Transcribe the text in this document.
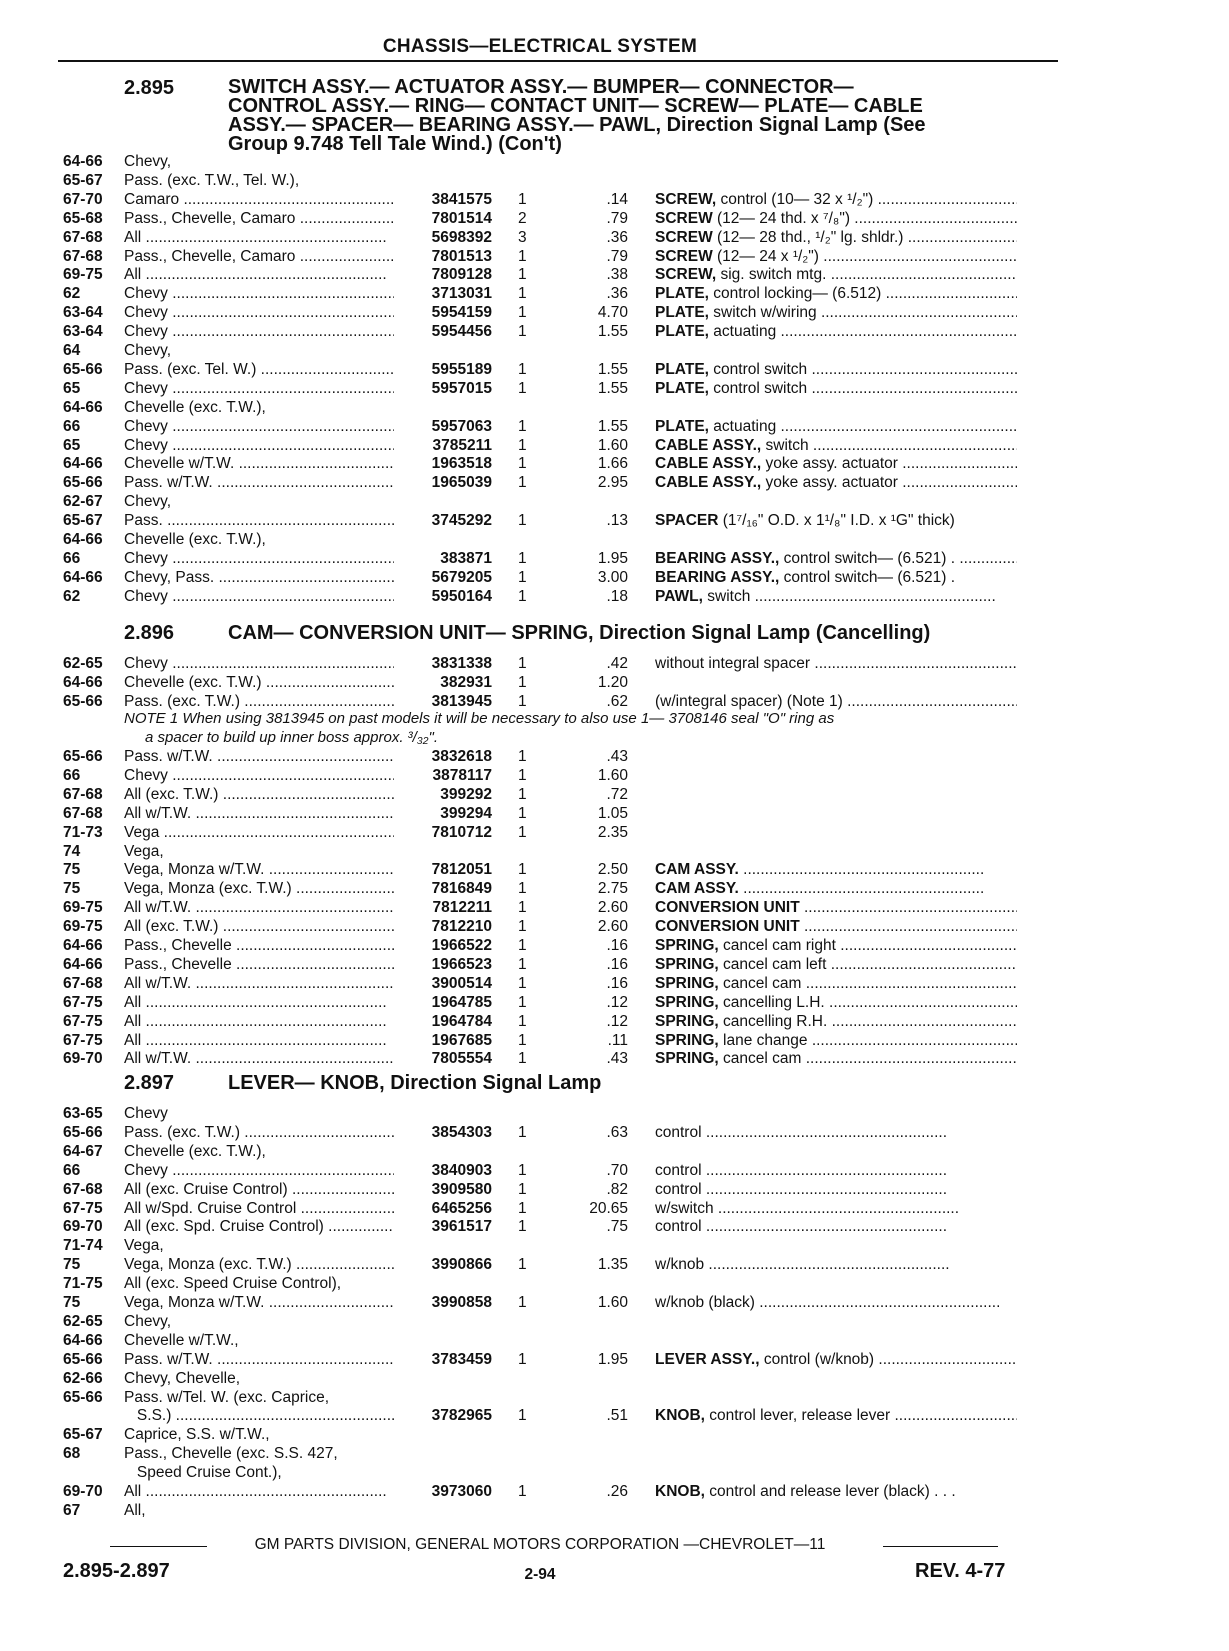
CHASSIS—ELECTRICAL SYSTEM
2.895	SWITCH ASSY.— ACTUATOR ASSY.— BUMPER— CONNECTOR—
CONTROL ASSY.— RING— CONTACT UNIT— SCREW— PLATE— CABLE
ASSY.— SPACER— BEARING ASSY.— PAWL, Direction Signal Lamp (See
Group 9.748 Tell Tale Wind.) (Con't)
2.896	CAM— CONVERSION UNIT— SPRING, Direction Signal Lamp (Cancelling)
NOTE 1 When using 3813945 on past models it will be necessary to also use 1— 3708146 seal "O" ring as
a spacer to build up inner boss approx. ³/₃₂".
2.897	LEVER— KNOB, Direction Signal Lamp
64-66 Chevy,
65-67 Pass. (exc. T.W., Tel. W.),
67-70 Camaro .....	3841575 1	.14 SCREW, control (10— 32 x ¹/₂") .....
65-68 Pass., Chevelle, Camaro .....	7801514 2	.79 SCREW (12— 24 thd. x ⁷/₈") .....
67-68 All .....	5698392 3	.36 SCREW (12— 28 thd., ¹/₂" lg. shldr.) .....
67-68 Pass., Chevelle, Camaro .....	7801513 1	.79 SCREW (12— 24 x ¹/₂") .....
69-75 All .....	7809128 1	.38 SCREW, sig. switch mtg. .....
62	Chevy .....	3713031 1	.36 PLATE, control locking— (6.512) .....
63-64 Chevy .....	5954159 1	4.70 PLATE, switch w/wiring .....
63-64 Chevy .....	5954456 1	1.55 PLATE, actuating .....
64	Chevy,
65-66 Pass. (exc. Tel. W.) .....	5955189 1	1.55 PLATE, control switch .....
65	Chevy .....	5957015 1	1.55 PLATE, control switch .....
64-66 Chevelle (exc. T.W.),
66	Chevy .....	5957063 1	1.55 PLATE, actuating .....
65	Chevy .....	3785211 1	1.60 CABLE ASSY., switch .....
64-66 Chevelle w/T.W. .....	1963518 1	1.66 CABLE ASSY., yoke assy. actuator .....
65-66 Pass. w/T.W. .....	1965039 1	2.95 CABLE ASSY., yoke assy. actuator .....
62-67 Chevy,
65-67 Pass. .....	3745292 1	.13 SPACER (1⁷/₁₆" O.D. x 1¹/₈" I.D. x ¹G" thick)
64-66 Chevelle (exc. T.W.),
66	Chevy .....	383871 1	1.95 BEARING ASSY., control switch— (6.521) . .....
64-66 Chevy, Pass. .....	5679205 1	3.00 BEARING ASSY., control switch— (6.521) .
62	Chevy .....	5950164 1	.18 PAWL, switch .....
62-65 Chevy .....	3831338 1	.42 without integral spacer .....
64-66 Chevelle (exc. T.W.) .....	382931 1	1.20
65-66 Pass. (exc. T.W.) .....	3813945 1	.62 (w/integral spacer) (Note 1) .....
65-66 Pass. w/T.W. .....	3832618 1	.43
66	Chevy .....	3878117 1	1.60
67-68 All (exc. T.W.) .....	399292 1	.72
67-68 All w/T.W. .....	399294 1	1.05
71-73 Vega .....	7810712 1	2.35
74	Vega,
75	Vega, Monza w/T.W. .....	7812051 1	2.50 CAM ASSY. .....
75	Vega, Monza (exc. T.W.) .....	7816849 1	2.75 CAM ASSY. .....
69-75 All w/T.W. .....	7812211 1	2.60 CONVERSION UNIT .....
69-75 All (exc. T.W.) .....	7812210 1	2.60 CONVERSION UNIT .....
64-66 Pass., Chevelle .....	1966522 1	.16 SPRING, cancel cam right .....
64-66 Pass., Chevelle .....	1966523 1	.16 SPRING, cancel cam left .....
67-68 All w/T.W. .....	3900514 1	.16 SPRING, cancel cam .....
67-75 All .....	1964785 1	.12 SPRING, cancelling L.H. .....
67-75 All .....	1964784 1	.12 SPRING, cancelling R.H. .....
67-75 All .....	1967685 1	.11 SPRING, lane change .....
69-70 All w/T.W. .....	7805554 1	.43 SPRING, cancel cam .....
63-65 Chevy
65-66 Pass. (exc. T.W.) .....	3854303 1	.63 control .....
64-67 Chevelle (exc. T.W.),
66	Chevy .....	3840903 1	.70 control .....
67-68 All (exc. Cruise Control) .....	3909580 1	.82 control .....
67-75 All w/Spd. Cruise Control .....	6465256 1	20.65 w/switch .....
69-70 All (exc. Spd. Cruise Control) .....	3961517 1	.75 control .....
71-74 Vega,
75	Vega, Monza (exc. T.W.) .....	3990866 1	1.35 w/knob .....
71-75 All (exc. Speed Cruise Control),
75	Vega, Monza w/T.W. .....	3990858 1	1.60 w/knob (black) .....
62-65 Chevy,
64-66 Chevelle w/T.W.,
65-66 Pass. w/T.W. .....	3783459 1	1.95 LEVER ASSY., control (w/knob) .....
62-66 Chevy, Chevelle,
65-66 Pass. w/Tel. W. (exc. Caprice,
S.S.) .....	3782965 1	.51 KNOB, control lever, release lever .....
65-67 Caprice, S.S. w/T.W.,
68	Pass., Chevelle (exc. S.S. 427,
Speed Cruise Cont.),
69-70 All .....	3973060 1	.26 KNOB, control and release lever (black) . . .
67	All,
GM PARTS DIVISION, GENERAL MOTORS CORPORATION —CHEVROLET—11
2.895-2.897	2-94	REV. 4-77
